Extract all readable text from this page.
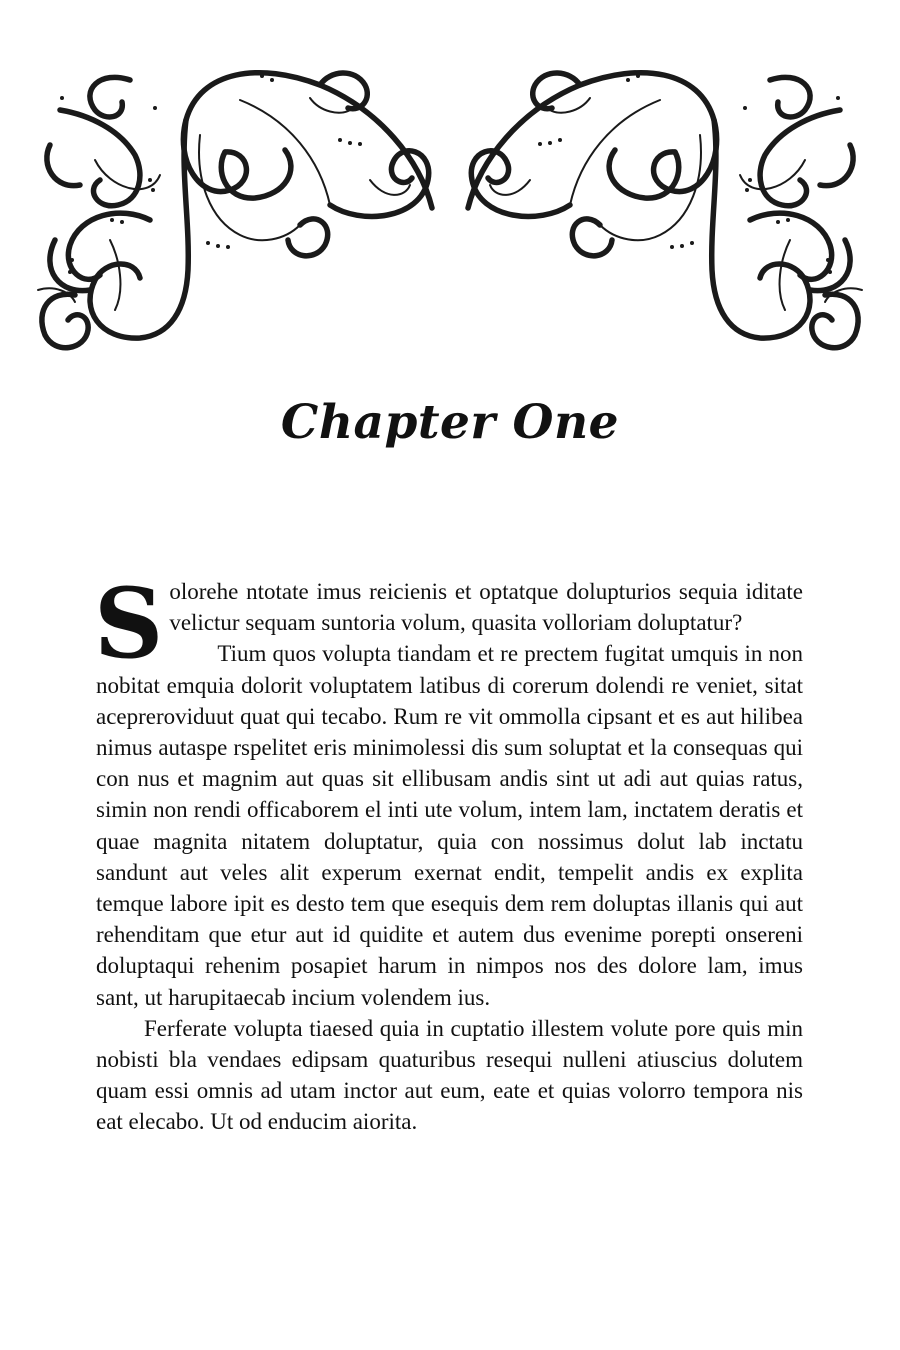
Chapter One

Solorehe ntotate imus reicienis et optatque dolupturios sequia iditate velictur sequam suntoria volum, quasita volloriam doluptatur?

Tium quos volupta tiandam et re prectem fugitat umquis in non nobitat emquia dolorit voluptatem latibus di corerum dolendi re veniet, sitat acepreroviduut quat qui tecabo. Rum re vit ommolla cipsant et es aut hilibea nimus autaspe rspelitet eris minimolessi dis sum soluptat et la consequas qui con nus et magnim aut quas sit ellibusam andis sint ut adi aut quias ratus, simin non rendi officaborem el inti ute volum, intem lam, inctatem deratis et quae magnita nitatem doluptatur, quia con nossimus dolut lab inctatu sandunt aut veles alit experum exernat endit, tempelit andis ex explita temque labore ipit es desto tem que esequis dem rem doluptas illanis qui aut rehenditam que etur aut id quidite et autem dus evenime porepti onsereni doluptaqui rehenim posapiet harum in nimpos nos des dolore lam, imus sant, ut harupitaecab incium volendem ius.

Ferferate volupta tiaesed quia in cuptatio illestem volute pore quis min nobisti bla vendaes edipsam quaturibus resequi nulleni atiuscius dolutem quam essi omnis ad utam inctor aut eum, eate et quias volorro tempora nis eat elecabo. Ut od enducim aiorita.
